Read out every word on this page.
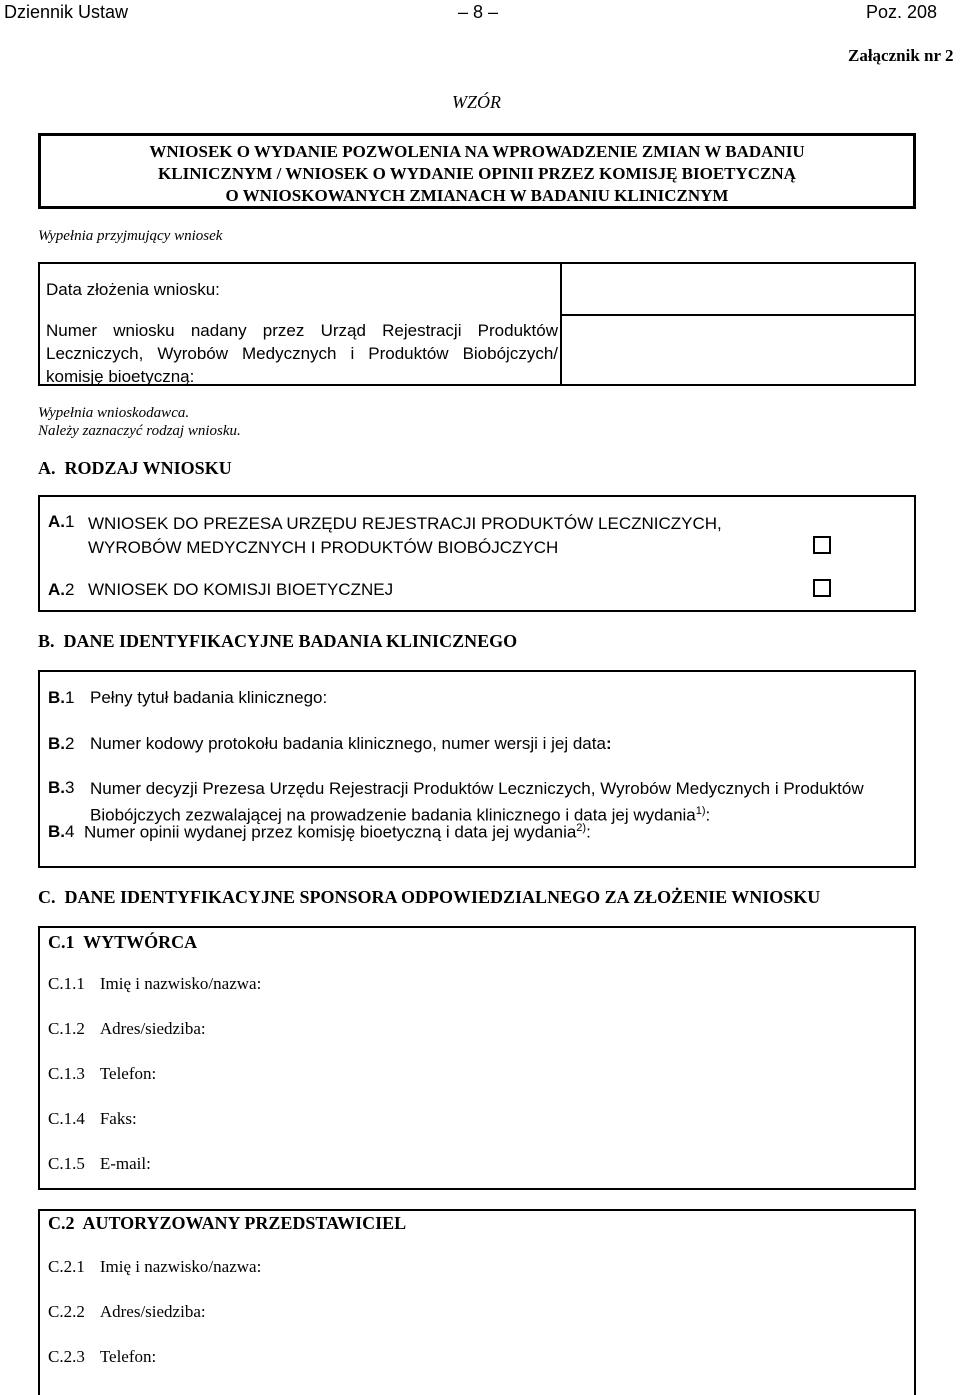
Dziennik Ustaw	– 8 –	Poz. 208
Załącznik nr 2
WZÓR
WNIOSEK O WYDANIE POZWOLENIA NA WPROWADZENIE ZMIAN W BADANIU
KLINICZNYM / WNIOSEK O WYDANIE OPINII PRZEZ KOMISJĘ BIOETYCZNĄ
O WNIOSKOWANYCH ZMIANACH W BADANIU KLINICZNYM
Wypełnia przyjmujący wniosek
Data złożenia wniosku:
Numer wniosku nadany przez Urząd Rejestracji Produktów
Leczniczych, Wyrobów Medycznych i Produktów Biobójczych/
komisję bioetyczną:
Wypełnia wnioskodawca.
Należy zaznaczyć rodzaj wniosku.
A. RODZAJ WNIOSKU
A.1 WNIOSEK DO PREZESA URZĘDU REJESTRACJI PRODUKTÓW LECZNICZYCH,
WYROBÓW MEDYCZNYCH I PRODUKTÓW BIOBÓJCZYCH
A.2 WNIOSEK DO KOMISJI BIOETYCZNEJ
B. DANE IDENTYFIKACYJNE BADANIA KLINICZNEGO
B.1 Pełny tytuł badania klinicznego:
B.2 Numer kodowy protokołu badania klinicznego, numer wersji i jej data:
B.3 Numer decyzji Prezesa Urzędu Rejestracji Produktów Leczniczych, Wyrobów Medycznych i Produktów
Biobójczych zezwalającej na prowadzenie badania klinicznego i data jej wydania$^{1)}$:
B.4 Numer opinii wydanej przez komisję bioetyczną i data jej wydania$^{2)}$:
C. DANE IDENTYFIKACYJNE SPONSORA ODPOWIEDZIALNEGO ZA ZŁOŻENIE WNIOSKU
C.1  WYTWÓRCA
C.1.1 Imię i nazwisko/nazwa:
C.1.2 Adres/siedziba:
C.1.3 Telefon:
C.1.4 Faks:
C.1.5 E-mail:
C.2  AUTORYZOWANY PRZEDSTAWICIEL
C.2.1 Imię i nazwisko/nazwa:
C.2.2 Adres/siedziba:
C.2.3 Telefon:
